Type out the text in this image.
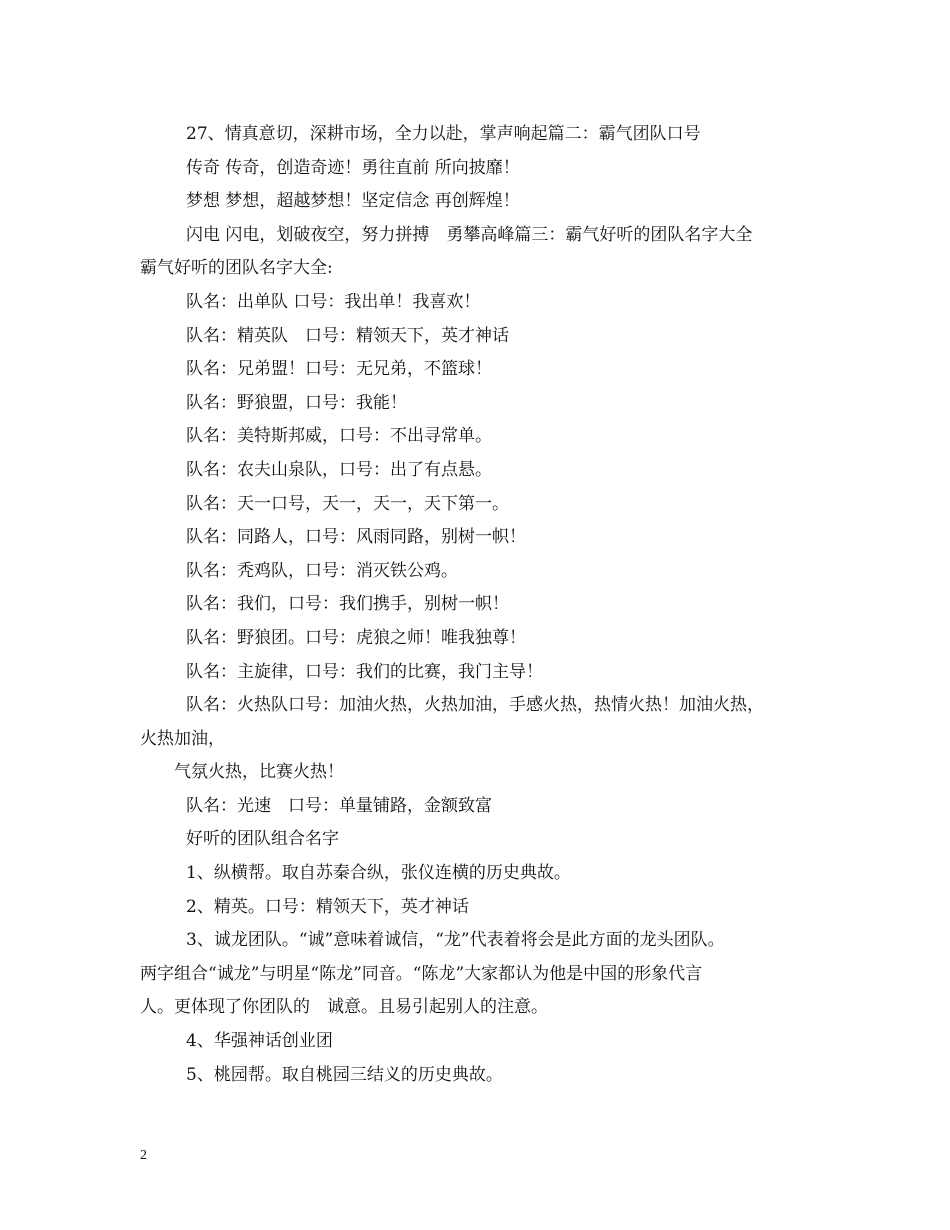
27、情真意切，深耕市场，全力以赴，掌声响起篇二：霸气团队口号
传奇 传奇，创造奇迹！勇往直前 所向披靡！
梦想 梦想，超越梦想！坚定信念 再创辉煌！
闪电 闪电，划破夜空，努力拼搏　勇攀高峰篇三：霸气好听的团队名字大全
霸气好听的团队名字大全:
队名：出单队 口号：我出单！我喜欢！
队名：精英队　口号：精领天下，英才神话
队名：兄弟盟！口号：无兄弟，不篮球！
队名：野狼盟，口号：我能！
队名：美特斯邦威，口号：不出寻常单。
队名：农夫山泉队，口号：出了有点悬。
队名：天一口号，天一，天一，天下第一。
队名：同路人，口号：风雨同路，别树一帜！
队名：秃鸡队，口号：消灭铁公鸡。
队名：我们，口号：我们携手，别树一帜！
队名：野狼团。口号：虎狼之师！唯我独尊！
队名：主旋律，口号：我们的比赛，我门主导！
队名：火热队口号：加油火热，火热加油，手感火热，热情火热！加油火热，
火热加油，
气氛火热，比赛火热！
队名：光速　口号：单量铺路，金额致富
好听的团队组合名字
1、纵横帮。取自苏秦合纵，张仪连横的历史典故。
2、精英。口号：精领天下，英才神话
3、诚龙团队。“诚”意味着诚信，“龙”代表着将会是此方面的龙头团队。
两字组合“诚龙”与明星“陈龙”同音。“陈龙”大家都认为他是中国的形象代言
人。更体现了你团队的　诚意。且易引起别人的注意。
4、华强神话创业团
5、桃园帮。取自桃园三结义的历史典故。
2
